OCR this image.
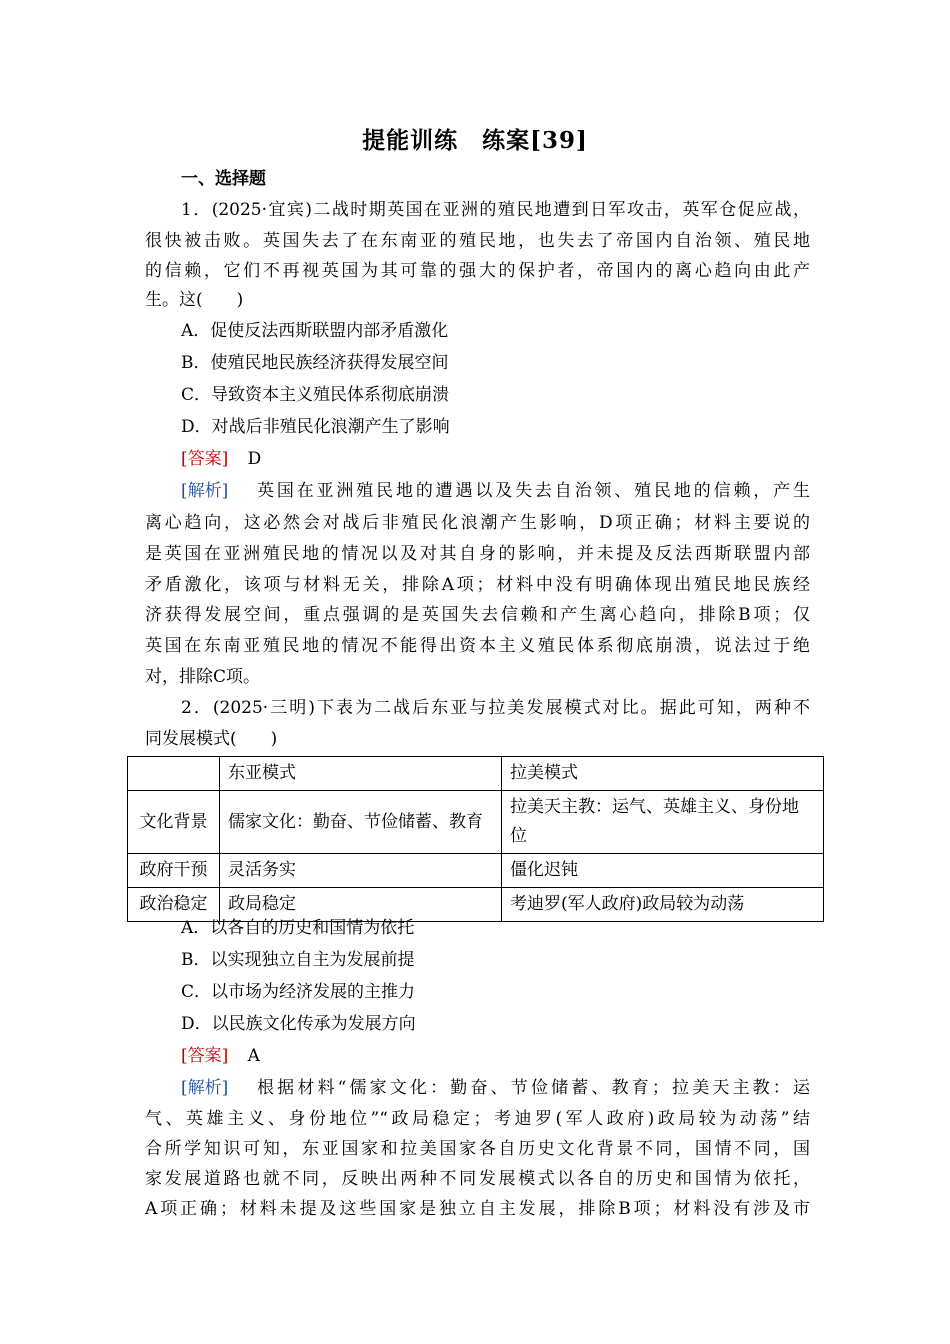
提能训练　练案[39]
一、选择题
1．(2025·宜宾)二战时期英国在亚洲的殖民地遭到日军攻击，英军仓促应战，
很快被击败。英国失去了在东南亚的殖民地，也失去了帝国内自治领、殖民地
的信赖，它们不再视英国为其可靠的强大的保护者，帝国内的离心趋向由此产
生。这(　　)
A．促使反法西斯联盟内部矛盾激化
B．使殖民地民族经济获得发展空间
C．导致资本主义殖民体系彻底崩溃
D．对战后非殖民化浪潮产生了影响
[答案] D
[解析] 英国在亚洲殖民地的遭遇以及失去自治领、殖民地的信赖，产生
离心趋向，这必然会对战后非殖民化浪潮产生影响，D项正确；材料主要说的
是英国在亚洲殖民地的情况以及对其自身的影响，并未提及反法西斯联盟内部
矛盾激化，该项与材料无关，排除A项；材料中没有明确体现出殖民地民族经
济获得发展空间，重点强调的是英国失去信赖和产生离心趋向，排除B项；仅
英国在东南亚殖民地的情况不能得出资本主义殖民体系彻底崩溃，说法过于绝
对，排除C项。
2．(2025·三明)下表为二战后东亚与拉美发展模式对比。据此可知，两种不
同发展模式(　　)
	东亚模式	拉美模式
文化背景	儒家文化：勤奋、节俭储蓄、教育	拉美天主教：运气、英雄主义、身份地位
政府干预	灵活务实	僵化迟钝
政治稳定	政局稳定	考迪罗(军人政府)政局较为动荡
A．以各自的历史和国情为依托
B．以实现独立自主为发展前提
C．以市场为经济发展的主推力
D．以民族文化传承为发展方向
[答案] A
[解析] 根据材料“儒家文化：勤奋、节俭储蓄、教育；拉美天主教：运
气、英雄主义、身份地位”“政局稳定；考迪罗(军人政府)政局较为动荡”结
合所学知识可知，东亚国家和拉美国家各自历史文化背景不同，国情不同，国
家发展道路也就不同，反映出两种不同发展模式以各自的历史和国情为依托，
A项正确；材料未提及这些国家是独立自主发展，排除B项；材料没有涉及市
